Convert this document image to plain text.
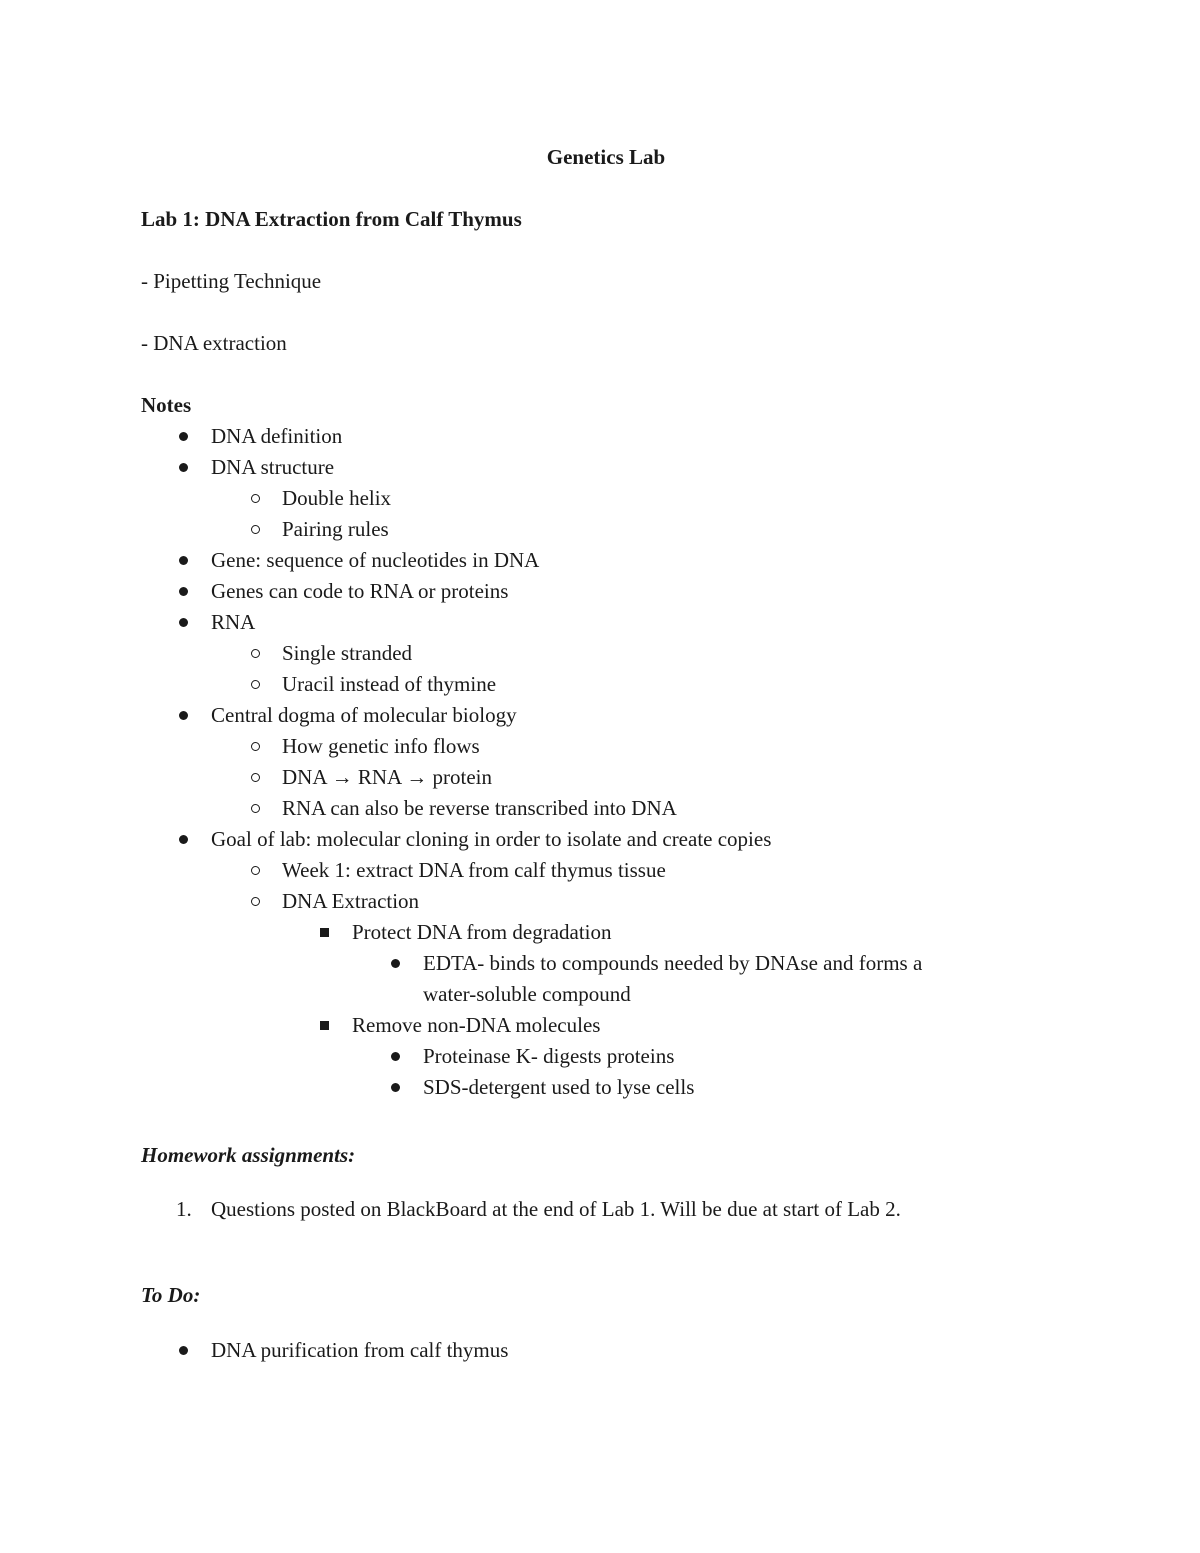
Genetics Lab
Lab 1: DNA Extraction from Calf Thymus
- Pipetting Technique
- DNA extraction
Notes
DNA definition
DNA structure
Double helix
Pairing rules
Gene: sequence of nucleotides in DNA
Genes can code to RNA or proteins
RNA
Single stranded
Uracil instead of thymine
Central dogma of molecular biology
How genetic info flows
DNA → RNA → protein
RNA can also be reverse transcribed into DNA
Goal of lab: molecular cloning in order to isolate and create copies
Week 1: extract DNA from calf thymus tissue
DNA Extraction
Protect DNA from degradation
EDTA- binds to compounds needed by DNAse and forms a
water-soluble compound
Remove non-DNA molecules
Proteinase K- digests proteins
SDS-detergent used to lyse cells
Homework assignments:
1. Questions posted on BlackBoard at the end of Lab 1. Will be due at start of Lab 2.
To Do:
DNA purification from calf thymus
